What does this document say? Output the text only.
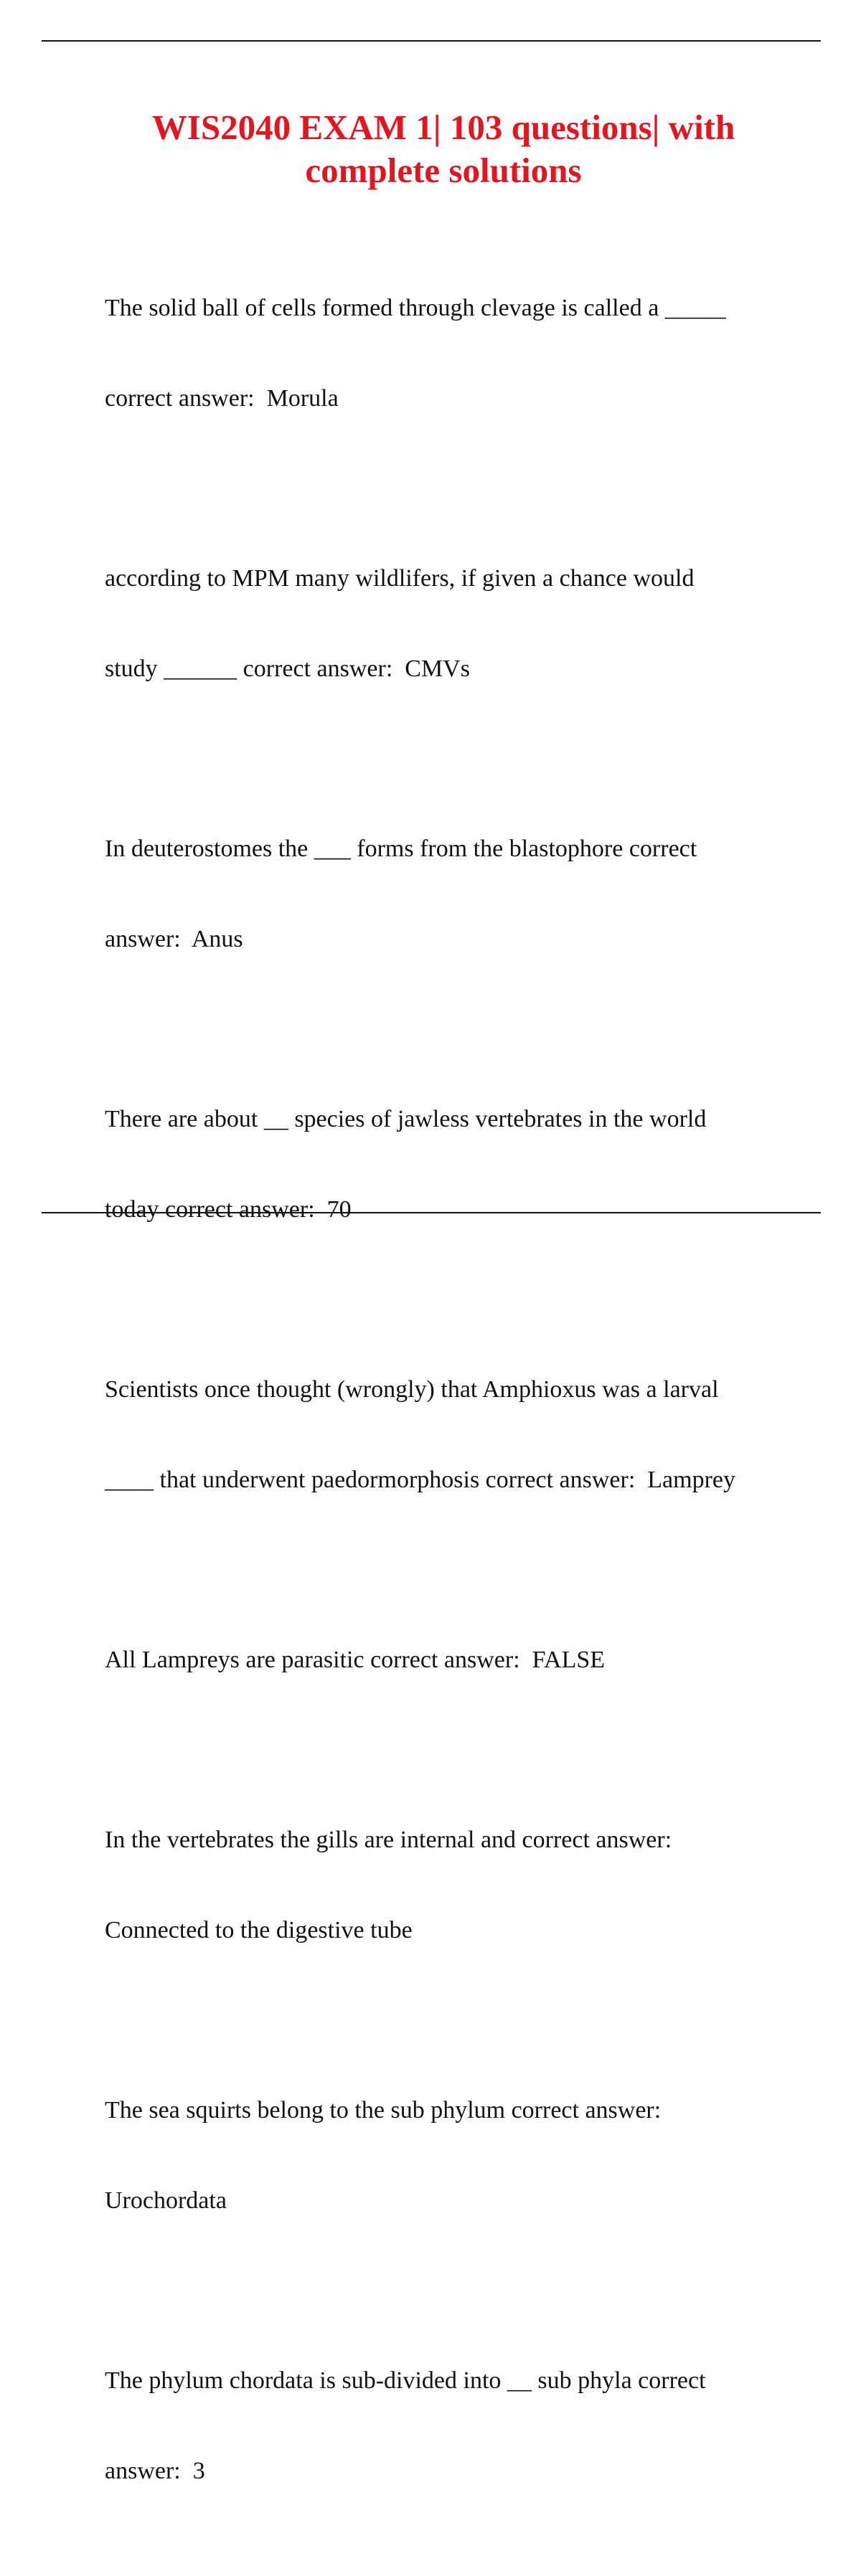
WIS2040 EXAM 1| 103 questions| with
complete solutions

The solid ball of cells formed through clevage is called a _____

correct answer:  Morula

according to MPM many wildlifers, if given a chance would

study ______ correct answer:  CMVs

In deuterostomes the ___ forms from the blastophore correct

answer:  Anus

There are about __ species of jawless vertebrates in the world

today correct answer:  70

Scientists once thought (wrongly) that Amphioxus was a larval

____ that underwent paedormorphosis correct answer:  Lamprey

All Lampreys are parasitic correct answer:  FALSE

In the vertebrates the gills are internal and correct answer:

Connected to the digestive tube

The sea squirts belong to the sub phylum correct answer:

Urochordata

The phylum chordata is sub-divided into __ sub phyla correct

answer:  3
